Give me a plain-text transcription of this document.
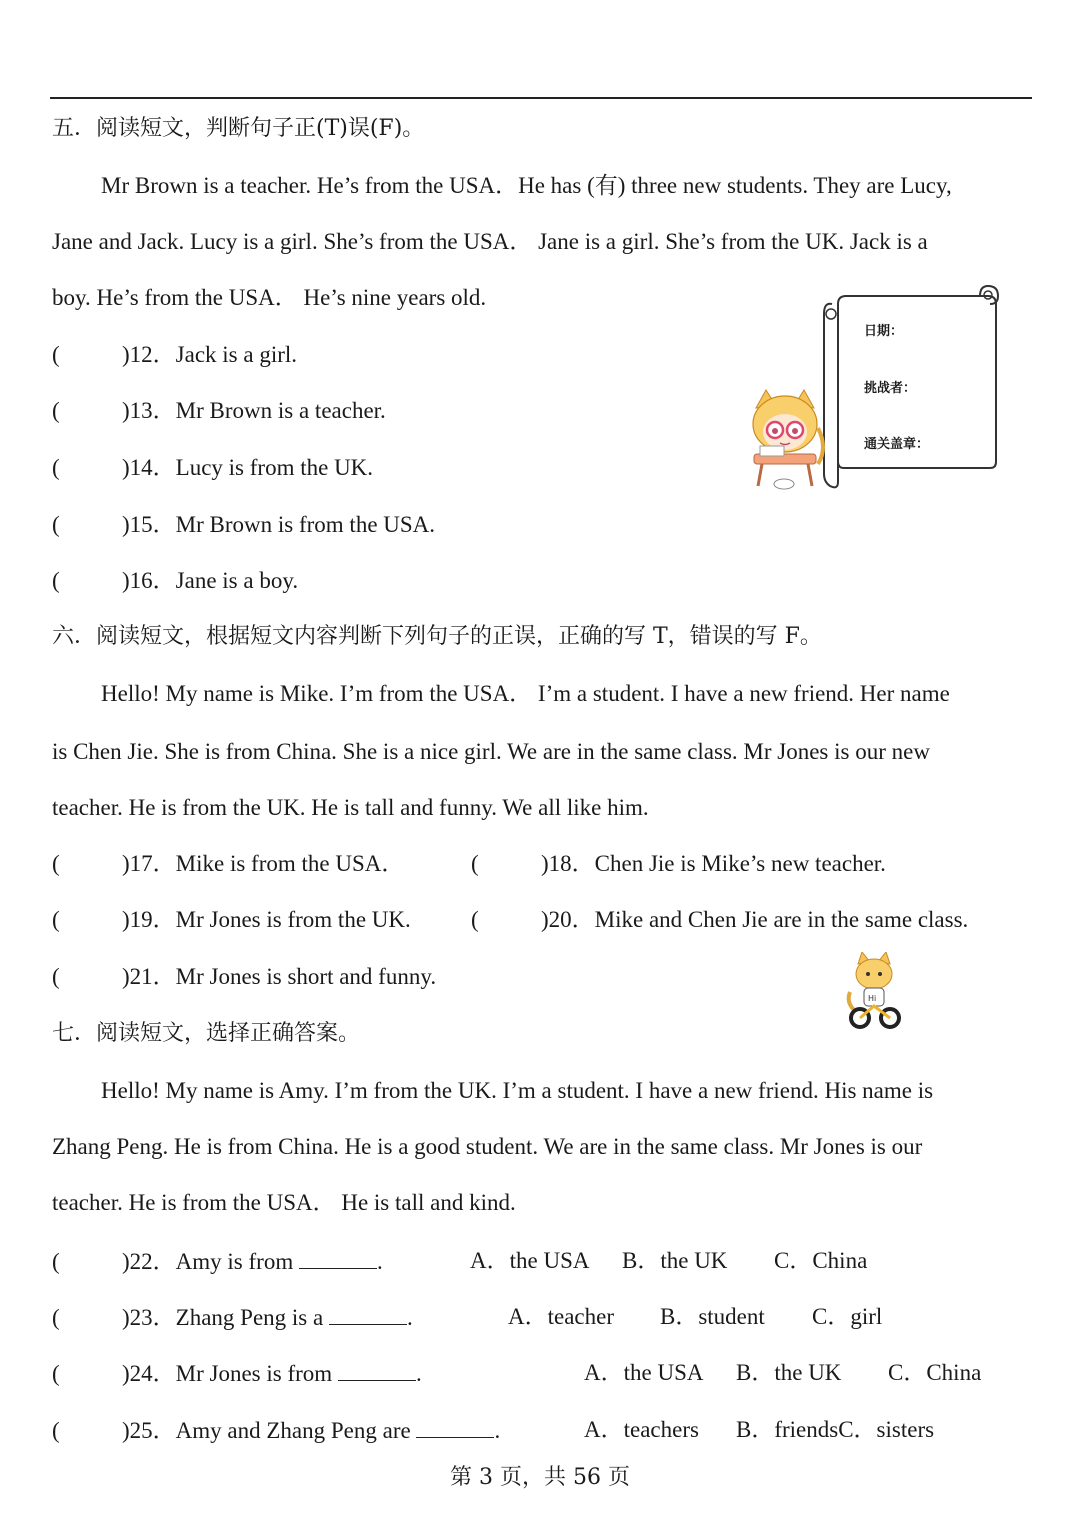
五．阅读短文，判断句子正(T)误(F)。
Mr Brown is a teacher. He’s from the USA．He has (有) three new students. They are Lucy,
Jane and Jack. Lucy is a girl. She’s from the USA． Jane is a girl. She’s from the UK. Jack is a
boy. He’s from the USA． He’s nine years old.
(	)12．Jack is a girl.
(	)13．Mr Brown is a teacher.
(	)14．Lucy is from the UK.
(	)15．Mr Brown is from the USA.
(	)16．Jane is a boy.
日期：
挑战者：
通关盖章：
六．阅读短文，根据短文内容判断下列句子的正误，正确的写 T，错误的写 F。
Hello! My name is Mike. I’m from the USA． I’m a student. I have a new friend. Her name
is Chen Jie. She is from China. She is a nice girl. We are in the same class. Mr Jones is our new
teacher. He is from the UK. He is tall and funny. We all like him.
(	)17．Mike is from the USA．	(	)18．Chen Jie is Mike’s new teacher.
(	)19．Mr Jones is from the UK.	(	)20．Mike and Chen Jie are in the same class.
(	)21．Mr Jones is short and funny.
Hi
七．阅读短文，选择正确答案。
Hello! My name is Amy. I’m from the UK. I’m a student. I have a new friend. His name is
Zhang Peng. He is from China. He is a good student. We are in the same class. Mr Jones is our
teacher. He is from the USA． He is tall and kind.
(	)22．Amy is from	.	A．the USA B．the UK C．China
(	)23．Zhang Peng is a	.	A．teacher B．student C．girl
(	)24．Mr Jones is from	.	A．the USA B．the UK C．China
(	)25．Amy and Zhang Peng are	.	A．teachers B．friendsC．sisters
第 3 页，共 56 页
